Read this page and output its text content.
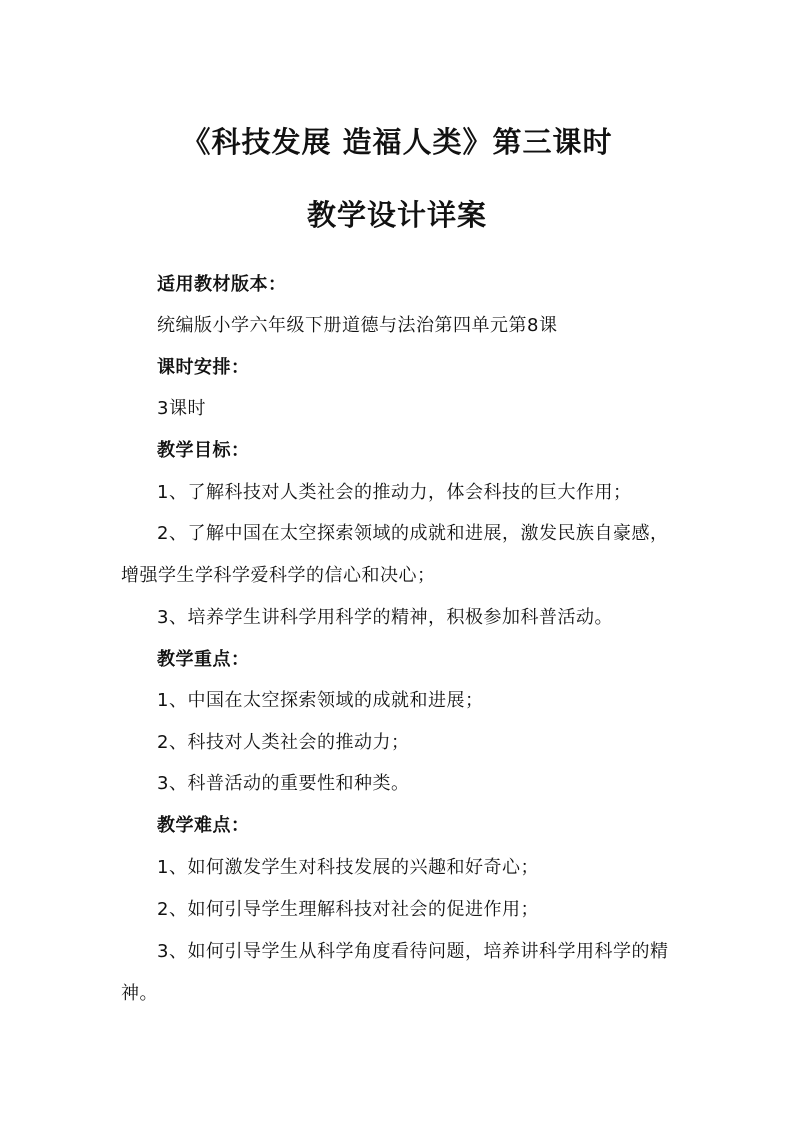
《科技发展 造福人类》第三课时
教学设计详案
适用教材版本：
统编版小学六年级下册道德与法治第四单元第8课
课时安排：
3课时
教学目标：
1、了解科技对人类社会的推动力，体会科技的巨大作用；
2、了解中国在太空探索领域的成就和进展，激发民族自豪感，
增强学生学科学爱科学的信心和决心；
3、培养学生讲科学用科学的精神，积极参加科普活动。
教学重点：
1、中国在太空探索领域的成就和进展；
2、科技对人类社会的推动力；
3、科普活动的重要性和种类。
教学难点：
1、如何激发学生对科技发展的兴趣和好奇心；
2、如何引导学生理解科技对社会的促进作用；
3、如何引导学生从科学角度看待问题，培养讲科学用科学的精
神。
